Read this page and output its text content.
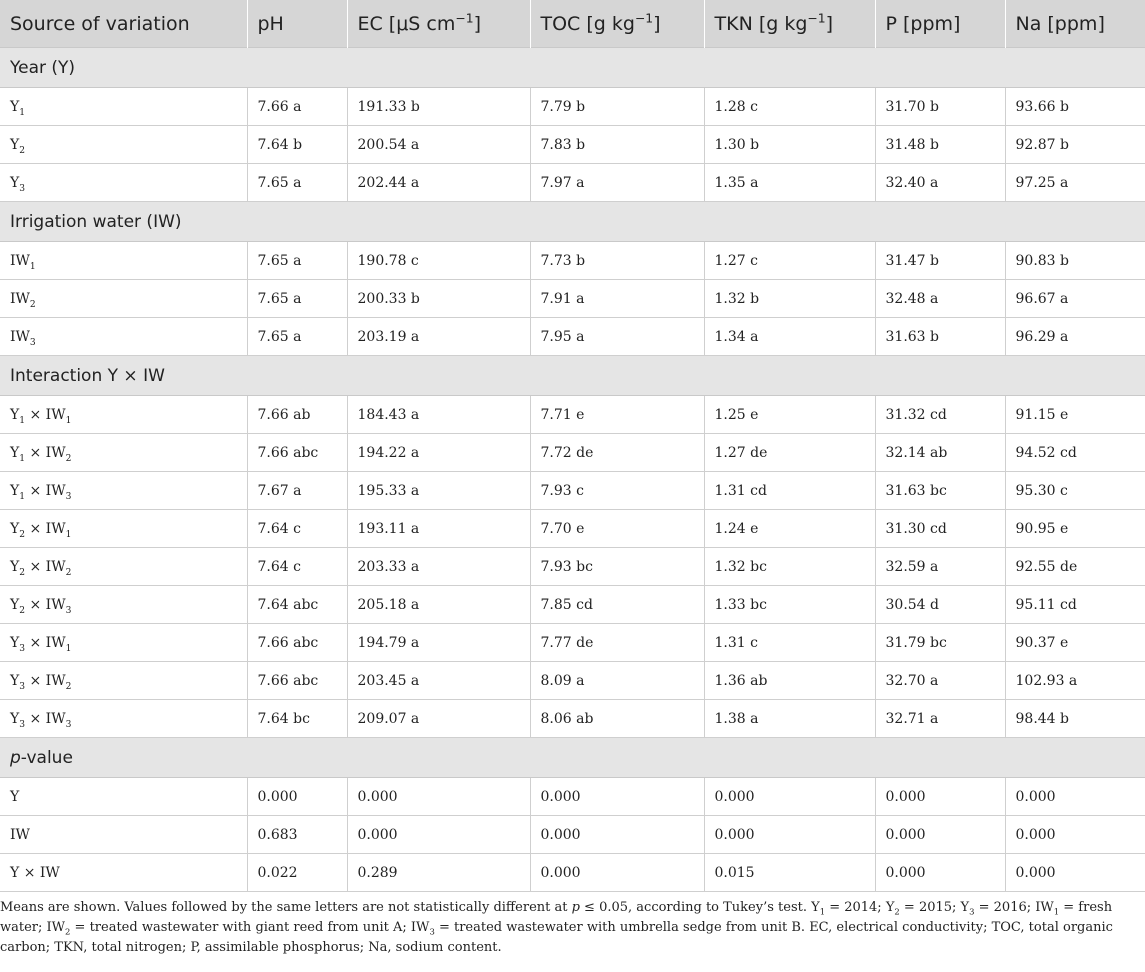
Source of variation	pH	EC [μS $cm^{-1}$]	TOC [g $kg^{-1}$]	TKN [g $kg^{-1}$]	P [ppm]	Na [ppm]
Year (Y)						
$Y_1$	7.66 a	191.33 b	7.79 b	1.28 c	31.70 b	93.66 b
$Y_2$	7.64 b	200.54 a	7.83 b	1.30 b	31.48 b	92.87 b
$Y_3$	7.65 a	202.44 a	7.97 a	1.35 a	32.40 a	97.25 a
Irrigation water (IW)						
$IW_1$	7.65 a	190.78 c	7.73 b	1.27 c	31.47 b	90.83 b
$IW_2$	7.65 a	200.33 b	7.91 a	1.32 b	32.48 a	96.67 a
$IW_3$	7.65 a	203.19 a	7.95 a	1.34 a	31.63 b	96.29 a
Interaction Y × IW						
$Y_1 \times IW_1$	7.66 ab	184.43 a	7.71 e	1.25 e	31.32 cd	91.15 e
$Y_1 \times IW_2$	7.66 abc	194.22 a	7.72 de	1.27 de	32.14 ab	94.52 cd
$Y_1 \times IW_3$	7.67 a	195.33 a	7.93 c	1.31 cd	31.63 bc	95.30 c
$Y_2 \times IW_1$	7.64 c	193.11 a	7.70 e	1.24 e	31.30 cd	90.95 e
$Y_2 \times IW_2$	7.64 c	203.33 a	7.93 bc	1.32 bc	32.59 a	92.55 de
$Y_2 \times IW_3$	7.64 abc	205.18 a	7.85 cd	1.33 bc	30.54 d	95.11 cd
$Y_3 \times IW_1$	7.66 abc	194.79 a	7.77 de	1.31 c	31.79 bc	90.37 e
$Y_3 \times IW_2$	7.66 abc	203.45 a	8.09 a	1.36 ab	32.70 a	102.93 a
$Y_3 \times IW_3$	7.64 bc	209.07 a	8.06 ab	1.38 a	32.71 a	98.44 b
p-value						
Y	0.000	0.000	0.000	0.000	0.000	0.000
IW	0.683	0.000	0.000	0.000	0.000	0.000
Y × IW	0.022	0.289	0.000	0.015	0.000	0.000

Means are shown. Values followed by the same letters are not statistically different at p ≤ 0.05, according to Tukey’s test. $Y_1 = 2014$; $Y_2 = 2015$; $Y_3 = 2016$; $IW_1$ = fresh water; $IW_2$ = treated wastewater with giant reed from unit A; $IW_3$ = treated wastewater with umbrella sedge from unit B. EC, electrical conductivity; TOC, total organic carbon; TKN, total nitrogen; P, assimilable phosphorus; Na, sodium content.
